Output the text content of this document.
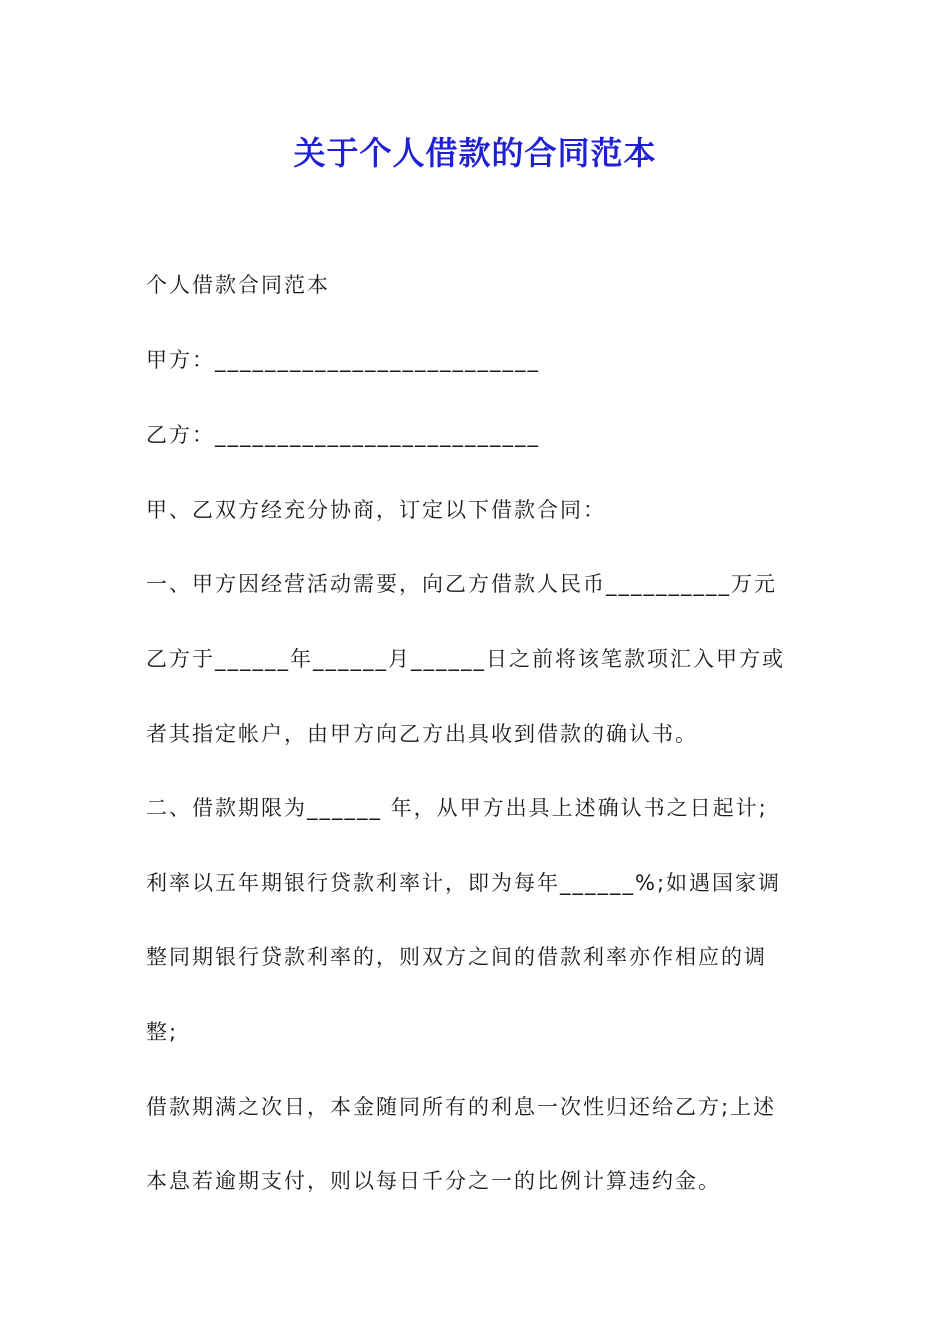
关于个人借款的合同范本
个人借款合同范本
甲方：__________________________
乙方：__________________________
甲、乙双方经充分协商，订定以下借款合同：
一、甲方因经营活动需要，向乙方借款人民币__________万元
乙方于______年______月______日之前将该笔款项汇入甲方或
者其指定帐户，由甲方向乙方出具收到借款的确认书。
二、借款期限为______ 年，从甲方出具上述确认书之日起计;
利率以五年期银行贷款利率计，即为每年______%;如遇国家调
整同期银行贷款利率的，则双方之间的借款利率亦作相应的调
整;
借款期满之次日，本金随同所有的利息一次性归还给乙方;上述
本息若逾期支付，则以每日千分之一的比例计算违约金。
